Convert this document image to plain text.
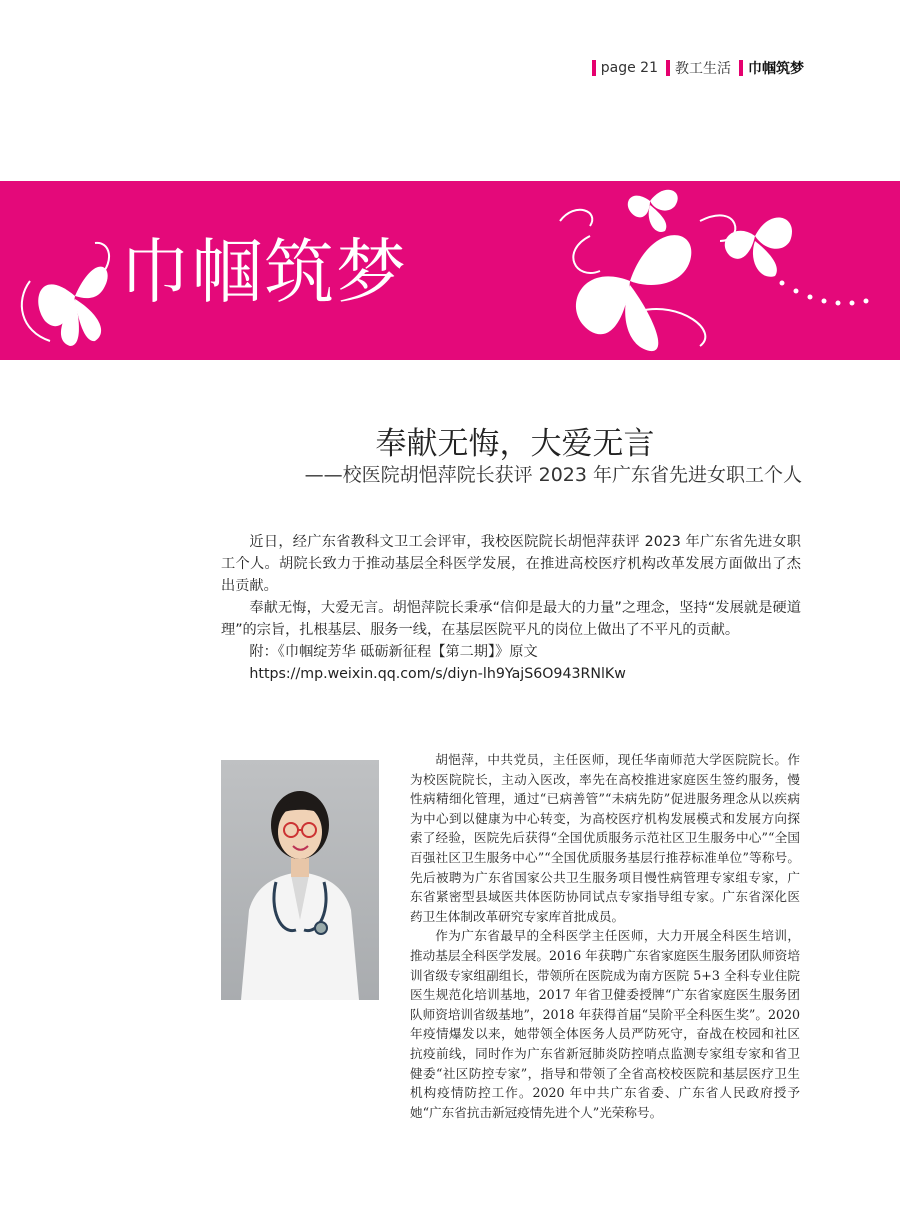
page 21 教工生活 巾帼筑梦
巾帼筑梦
奉献无悔，大爱无言
——校医院胡悒萍院长获评 2023 年广东省先进女职工个人

近日，经广东省教科文卫工会评审，我校医院院长胡悒萍获评 2023 年广东省先进女职工个人。胡院长致力于推动基层全科医学发展，在推进高校医疗机构改革发展方面做出了杰出贡献。

奉献无悔，大爱无言。胡悒萍院长秉承“信仰是最大的力量”之理念，坚持“发展就是硬道理”的宗旨，扎根基层、服务一线，在基层医院平凡的岗位上做出了不平凡的贡献。

附：《巾帼绽芳华 砥砺新征程【第二期】》原文

https://mp.weixin.qq.com/s/diyn-lh9YajS6O943RNlKw

胡悒萍，中共党员，主任医师，现任华南师范大学医院院长。作为校医院院长，主动入医改，率先在高校推进家庭医生签约服务，慢性病精细化管理，通过“已病善管”“未病先防”促进服务理念从以疾病为中心到以健康为中心转变，为高校医疗机构发展模式和发展方向探索了经验，医院先后获得“全国优质服务示范社区卫生服务中心”“全国百强社区卫生服务中心”“全国优质服务基层行推荐标准单位”等称号。先后被聘为广东省国家公共卫生服务项目慢性病管理专家组专家，广东省紧密型县域医共体医防协同试点专家指导组专家。广东省深化医药卫生体制改革研究专家库首批成员。

作为广东省最早的全科医学主任医师，大力开展全科医生培训，推动基层全科医学发展。2016 年获聘广东省家庭医生服务团队师资培训省级专家组副组长，带领所在医院成为南方医院 5+3 全科专业住院医生规范化培训基地，2017 年省卫健委授牌“广东省家庭医生服务团队师资培训省级基地”，2018 年获得首届“吴阶平全科医生奖”。2020 年疫情爆发以来，她带领全体医务人员严防死守，奋战在校园和社区抗疫前线，同时作为广东省新冠肺炎防控哨点监测专家组专家和省卫健委“社区防控专家”，指导和带领了全省高校校医院和基层医疗卫生机构疫情防控工作。2020 年中共广东省委、广东省人民政府授予她“广东省抗击新冠疫情先进个人”光荣称号。
